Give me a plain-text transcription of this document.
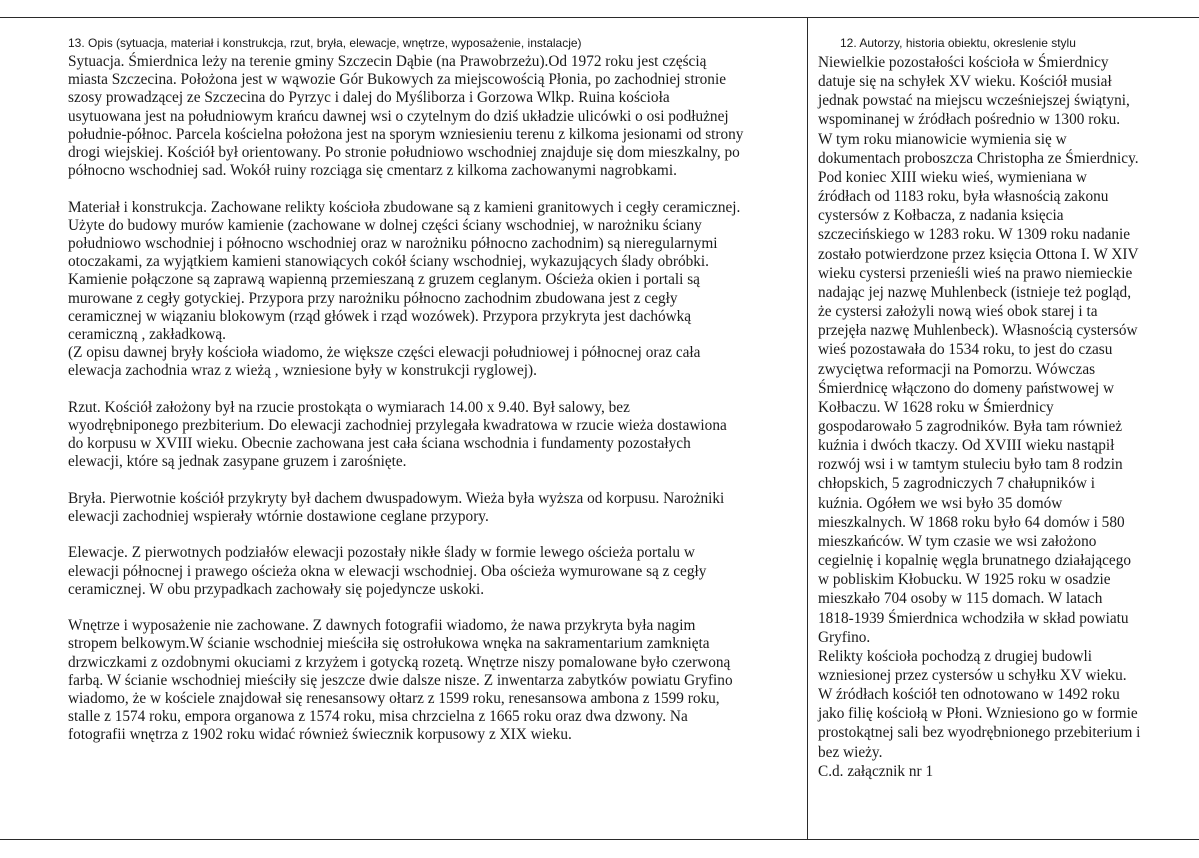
13. Opis (sytuacja, materiał i konstrukcja, rzut, bryła, elewacje, wnętrze, wyposażenie, instalacje)	12. Autorzy, historia obiektu, okreslenie stylu
Sytuacja. Śmierdnica leży na terenie gminy Szczecin Dąbie (na Prawobrzeżu).Od 1972 roku jest częścią
miasta Szczecina. Położona jest w wąwozie Gór Bukowych za miejscowością Płonia, po zachodniej stronie
szosy prowadzącej ze Szczecina do Pyrzyc i dalej do Myśliborza i Gorzowa Wlkp. Ruina kościoła
usytuowana jest na południowym krańcu dawnej wsi o czytelnym do dziś układzie ulicówki o osi podłużnej
południe-północ. Parcela kościelna położona jest na sporym wzniesieniu terenu z kilkoma jesionami od strony
drogi wiejskiej. Kościół był orientowany. Po stronie południowo wschodniej znajduje się dom mieszkalny, po
północno wschodniej sad. Wokół ruiny rozciąga się cmentarz z kilkoma zachowanymi nagrobkami.
Materiał i konstrukcja. Zachowane relikty kościoła zbudowane są z kamieni granitowych i cegły ceramicznej.
Użyte do budowy murów kamienie (zachowane w dolnej części ściany wschodniej, w narożniku ściany
południowo wschodniej i północno wschodniej oraz w narożniku północno zachodnim) są nieregularnymi
otoczakami, za wyjątkiem kamieni stanowiących cokół ściany wschodniej, wykazujących ślady obróbki.
Kamienie połączone są zaprawą wapienną przemieszaną z gruzem ceglanym. Ościeża okien i portali są
murowane z cegły gotyckiej. Przypora przy narożniku północno zachodnim zbudowana jest z cegły
ceramicznej w wiązaniu blokowym (rząd główek i rząd wozówek). Przypora przykryta jest dachówką
ceramiczną , zakładkową.
(Z opisu dawnej bryły kościoła wiadomo, że większe części elewacji południowej i północnej oraz cała
elewacja zachodnia wraz z wieżą , wzniesione były w konstrukcji ryglowej).
Rzut. Kościół założony był na rzucie prostokąta o wymiarach 14.00 x 9.40. Był salowy, bez
wyodrębniponego prezbiterium. Do elewacji zachodniej przylegała kwadratowa w rzucie wieża dostawiona
do korpusu w XVIII wieku. Obecnie zachowana jest cała ściana wschodnia i fundamenty pozostałych
elewacji, które są jednak zasypane gruzem i zarośnięte.
Bryła. Pierwotnie kościół przykryty był dachem dwuspadowym. Wieża była wyższa od korpusu. Narożniki
elewacji zachodniej wspierały wtórnie dostawione ceglane przypory.
Elewacje. Z pierwotnych podziałów elewacji pozostały nikłe ślady w formie lewego ościeża portalu w
elewacji północnej i prawego ościeża okna w elewacji wschodniej. Oba ościeża wymurowane są z cegły
ceramicznej. W obu przypadkach zachowały się pojedyncze uskoki.
Wnętrze i wyposażenie nie zachowane. Z dawnych fotografii wiadomo, że nawa przykryta była nagim
stropem belkowym.W ścianie wschodniej mieściła się ostrołukowa wnęka na sakramentarium zamknięta
drzwiczkami z ozdobnymi okuciami z krzyżem i gotycką rozetą. Wnętrze niszy pomalowane było czerwoną
farbą. W ścianie wschodniej mieściły się jeszcze dwie dalsze nisze. Z inwentarza zabytków powiatu Gryfino
wiadomo, że w kościele znajdował się renesansowy ołtarz z 1599 roku, renesansowa ambona z 1599 roku,
stalle z 1574 roku, empora organowa z 1574 roku, misa chrzcielna z 1665 roku oraz dwa dzwony. Na
fotografii wnętrza z 1902 roku widać również świecznik korpusowy z XIX wieku.
Niewielkie pozostałości kościoła w Śmierdnicy
datuje się na schyłek XV wieku. Kościół musiał
jednak powstać na miejscu wcześniejszej świątyni,
wspominanej w źródłach pośrednio w 1300 roku.
W tym roku mianowicie wymienia się w
dokumentach proboszcza Christopha ze Śmierdnicy.
Pod koniec XIII wieku wieś, wymieniana w
źródłach od 1183 roku, była własnością zakonu
cystersów z Kołbacza, z nadania księcia
szczecińskiego w 1283 roku. W 1309 roku nadanie
zostało potwierdzone przez księcia Ottona I. W XIV
wieku cystersi przenieśli wieś na prawo niemieckie
nadając jej nazwę Muhlenbeck (istnieje też pogląd,
że cystersi założyli nową wieś obok starej i ta
przejęła nazwę Muhlenbeck). Własnością cystersów
wieś pozostawała do 1534 roku, to jest do czasu
zwyciętwa reformacji na Pomorzu. Wówczas
Śmierdnicę włączono do domeny państwowej w
Kołbaczu. W 1628 roku w Śmierdnicy
gospodarowało 5 zagrodników. Była tam również
kuźnia i dwóch tkaczy. Od XVIII wieku nastąpił
rozwój wsi i w tamtym stuleciu było tam 8 rodzin
chłopskich, 5 zagrodniczych 7 chałupników i
kuźnia. Ogółem we wsi było 35 domów
mieszkalnych. W 1868 roku było 64 domów i 580
mieszkańców. W tym czasie we wsi założono
cegielnię i kopalnię węgla brunatnego działającego
w pobliskim Kłobucku. W 1925 roku w osadzie
mieszkało 704 osoby w 115 domach. W latach
1818-1939 Śmierdnica wchodziła w skład powiatu
Gryfino.
Relikty kościoła pochodzą z drugiej budowli
wzniesionej przez cystersów u schyłku XV wieku.
W źródłach kościół ten odnotowano w 1492 roku
jako filię kościołą w Płoni. Wzniesiono go w formie
prostokątnej sali bez wyodrębnionego przebiterium i
bez wieży.
C.d. załącznik nr 1
